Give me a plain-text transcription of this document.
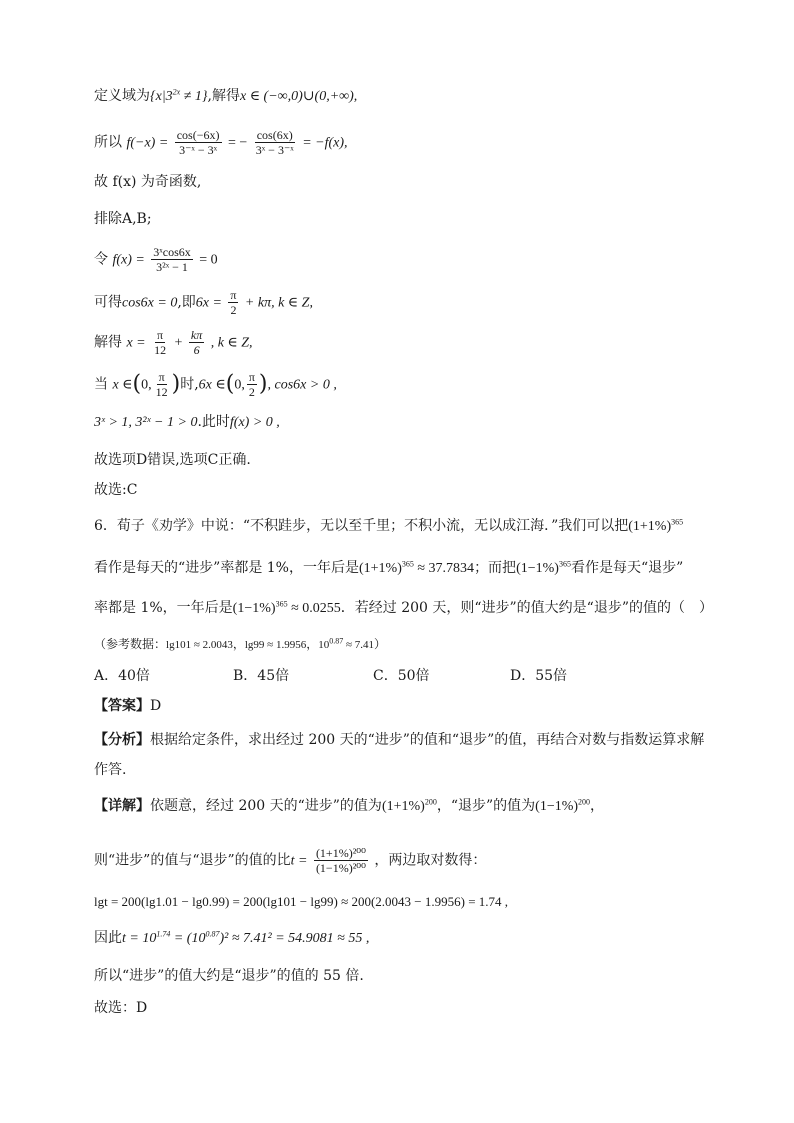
定义域为$\{x|3^{2x} \ne 1\}$,解得x ∈ (−∞,0)∪(0,+∞),
所以 $f(-x) = \frac{\cos(-6x)}{\text{3⁻ˣ − 3ˣ}}$ = − $\frac{\cos(6x)}{\text{3ˣ − 3⁻ˣ}} = -f(x)$,
故 f(x) 为奇函数,
排除A,B;
令 $f(x) = \frac{\text{3ˣcos6x}}{\text{3²ˣ − 1}} = 0$
可得cos6x = 0,即$6x = \frac{\pi}{2} + k\pi$, k ∈ Z,
解得 $x = \frac{\pi}{12} + \frac{k\pi}{6}$ , k ∈ Z,
当 x ∈(0, $\frac{\pi}{12}$ )时,6x ∈(0, $\frac{\pi}{2}$ ), cos6x > 0 ,
3ˣ > 1, 3²ˣ − 1 > 0.此时f(x) > 0 ,
故选项D错误,选项C正确.
故选:C
6．荀子《劝学》中说：“不积跬步，无以至千里；不积小流，无以成江海．”我们可以把$(1+1\%)^{365}$
看作是每天的“进步”率都是 1%，一年后是$(1+1\%)^{365} \approx 37.7834$；而把$(1-1\%)^{365}$看作是每天“退步”
率都是 1%，一年后是$(1-1\%)^{365} \approx 0.0255$．若经过 200 天，则“进步”的值大约是“退步”的值的（　）
（参考数据：lg101 ≈ 2.0043，lg99 ≈ 1.9956，$10^{0.87} \approx 7.41$）
A．40倍	B．45倍	C．50倍	D．55倍
【答案】D
【分析】根据给定条件，求出经过 200 天的“进步”的值和“退步”的值，再结合对数与指数运算求解
作答.
【详解】依题意，经过 200 天的“进步”的值为$(1+1\%)^{200}$，“退步”的值为$(1-1\%)^{200}$，
则“进步”的值与“退步”的值的比$t = \frac{\text{(1+1\%)²⁰⁰}}{\text{(1−1\%)²⁰⁰}}$ ，两边取对数得：
lgt = 200(lg1.01 − lg0.99) = 200(lg101 − lg99) ≈ 200(2.0043 − 1.9956) = 1.74 ,
因此$t = 10^{1.74} = (10^{0.87})^2 \approx 7.41^2 = 54.9081 \approx 55$ ,
所以“进步”的值大约是“退步”的值的 55 倍.
故选：D
